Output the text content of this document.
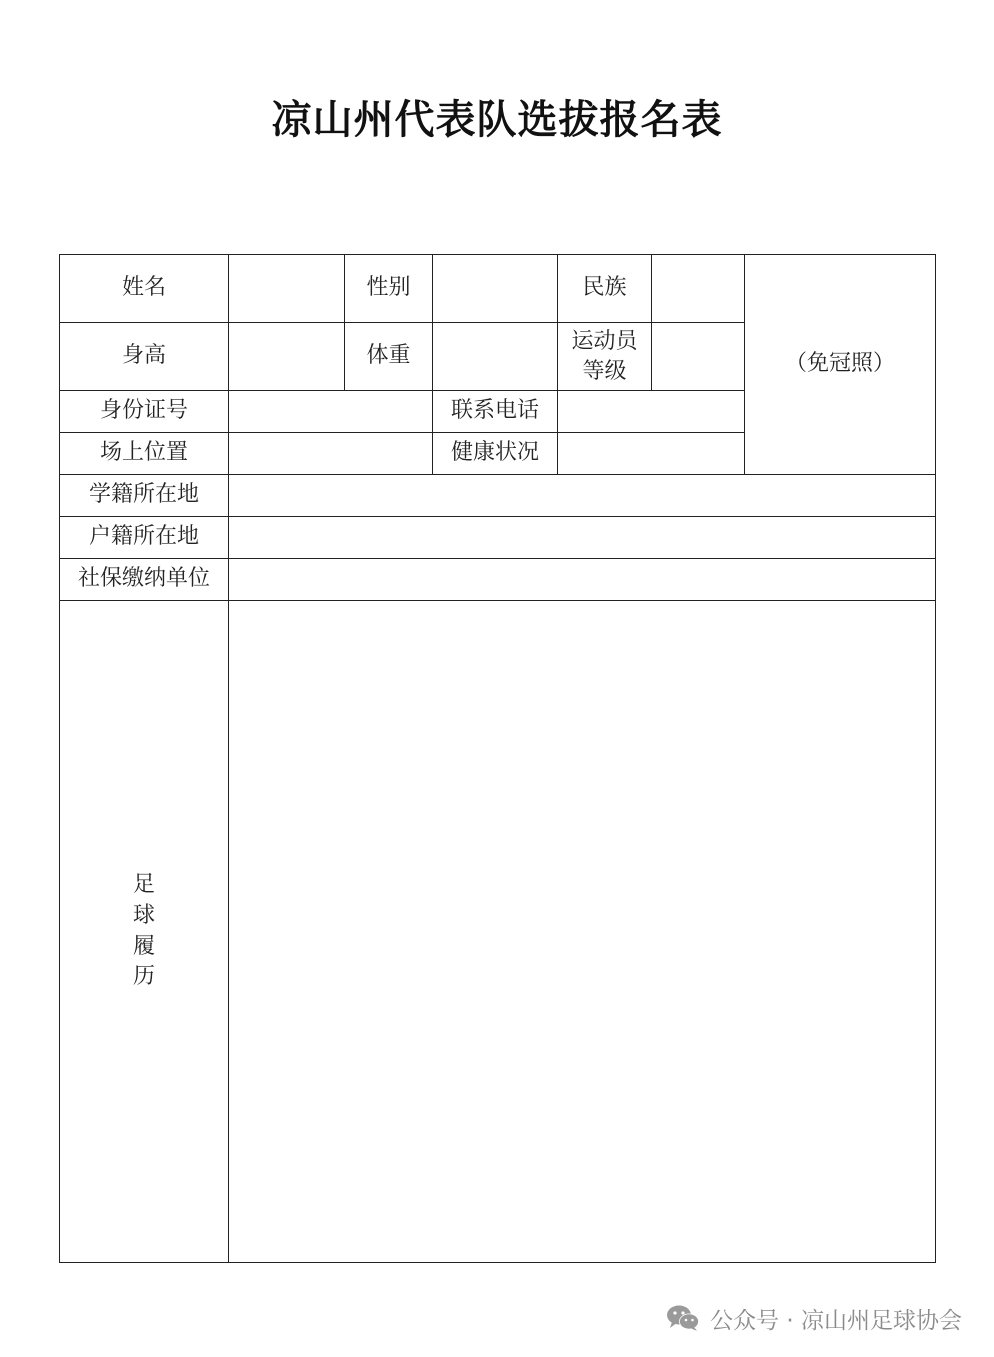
凉山州代表队选拔报名表
姓名		性别		民族		（免冠照）
身高		体重		运动员等级		
身份证号			联系电话			
场上位置			健康状况			
学籍所在地						
户籍所在地						
社保缴纳单位						
足球履历						
公众号 · 凉山州足球协会
